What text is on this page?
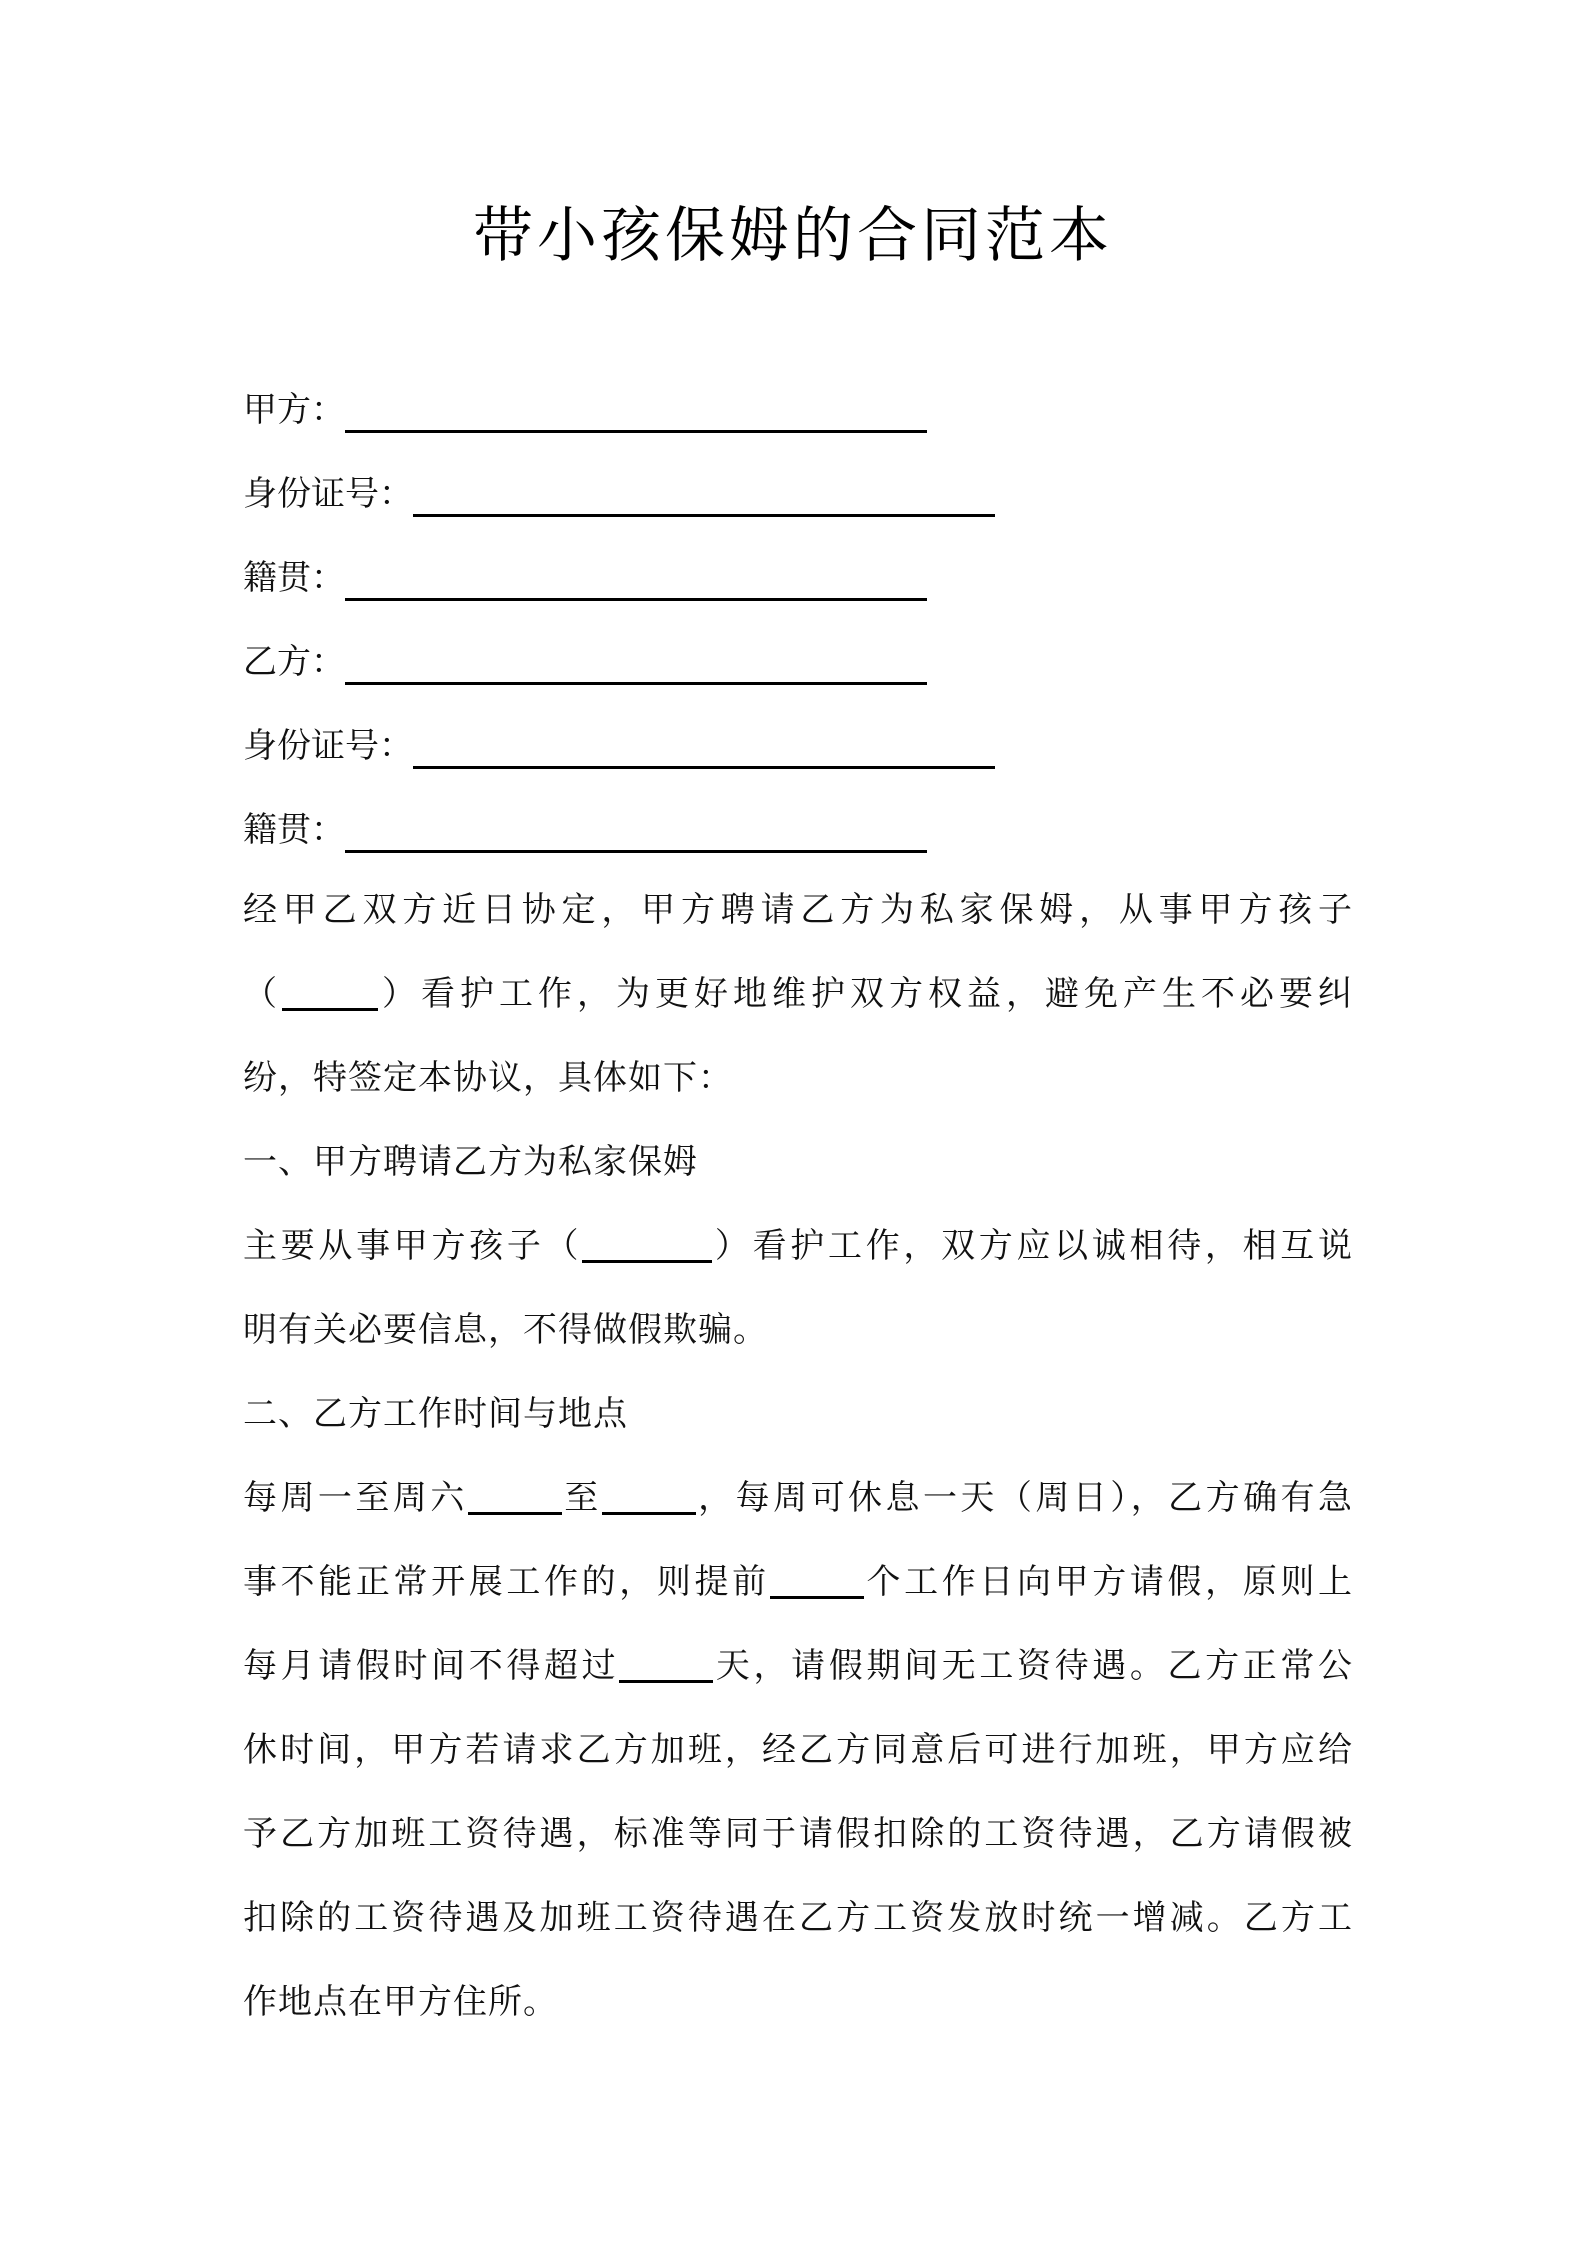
带小孩保姆的合同范本
甲方：
身份证号：
籍贯：
乙方：
身份证号：
籍贯：
经甲乙双方近日协定，甲方聘请乙方为私家保姆，从事甲方孩子
（	）看护工作，为更好地维护双方权益，避免产生不必要纠
纷，特签定本协议，具体如下：
一、甲方聘请乙方为私家保姆
主要从事甲方孩子（	）看护工作，双方应以诚相待，相互说
明有关必要信息，不得做假欺骗。
二、乙方工作时间与地点
每周一至周六	至	，每周可休息一天（周日），乙方确有急
事不能正常开展工作的，则提前	个工作日向甲方请假，原则上
每月请假时间不得超过	天，请假期间无工资待遇。乙方正常公
休时间，甲方若请求乙方加班，经乙方同意后可进行加班，甲方应给
予乙方加班工资待遇，标准等同于请假扣除的工资待遇，乙方请假被
扣除的工资待遇及加班工资待遇在乙方工资发放时统一增减。乙方工
作地点在甲方住所。
